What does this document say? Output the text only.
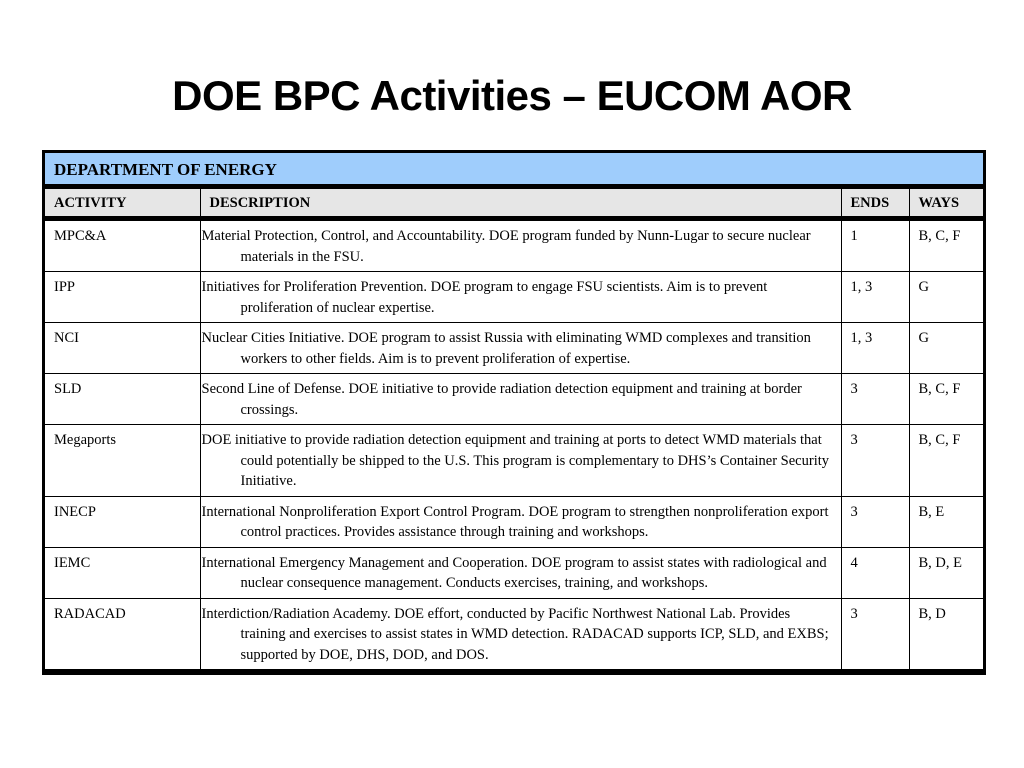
DOE BPC Activities – EUCOM AOR
DEPARTMENT OF ENERGY			
ACTIVITY	DESCRIPTION	ENDS	WAYS
MPC&A	Material Protection, Control, and Accountability. DOE program funded by Nunn-Lugar to secure nuclear materials in the FSU.	1	B, C, F
IPP	Initiatives for Proliferation Prevention. DOE program to engage FSU scientists. Aim is to prevent proliferation of nuclear expertise.	1, 3	G
NCI	Nuclear Cities Initiative. DOE program to assist Russia with eliminating WMD complexes and transition workers to other fields. Aim is to prevent proliferation of expertise.	1, 3	G
SLD	Second Line of Defense. DOE initiative to provide radiation detection equipment and training at border crossings.	3	B, C, F
Megaports	DOE initiative to provide radiation detection equipment and training at ports to detect WMD materials that could potentially be shipped to the U.S. This program is complementary to DHS’s Container Security Initiative.	3	B, C, F
INECP	International Nonproliferation Export Control Program. DOE program to strengthen nonproliferation export control practices. Provides assistance through training and workshops.	3	B, E
IEMC	International Emergency Management and Cooperation. DOE program to assist states with radiological and nuclear consequence management. Conducts exercises, training, and workshops.	4	B, D, E
RADACAD	Interdiction/Radiation Academy. DOE effort, conducted by Pacific Northwest National Lab. Provides training and exercises to assist states in WMD detection. RADACAD supports ICP, SLD, and EXBS; supported by DOE, DHS, DOD, and DOS.	3	B, D
